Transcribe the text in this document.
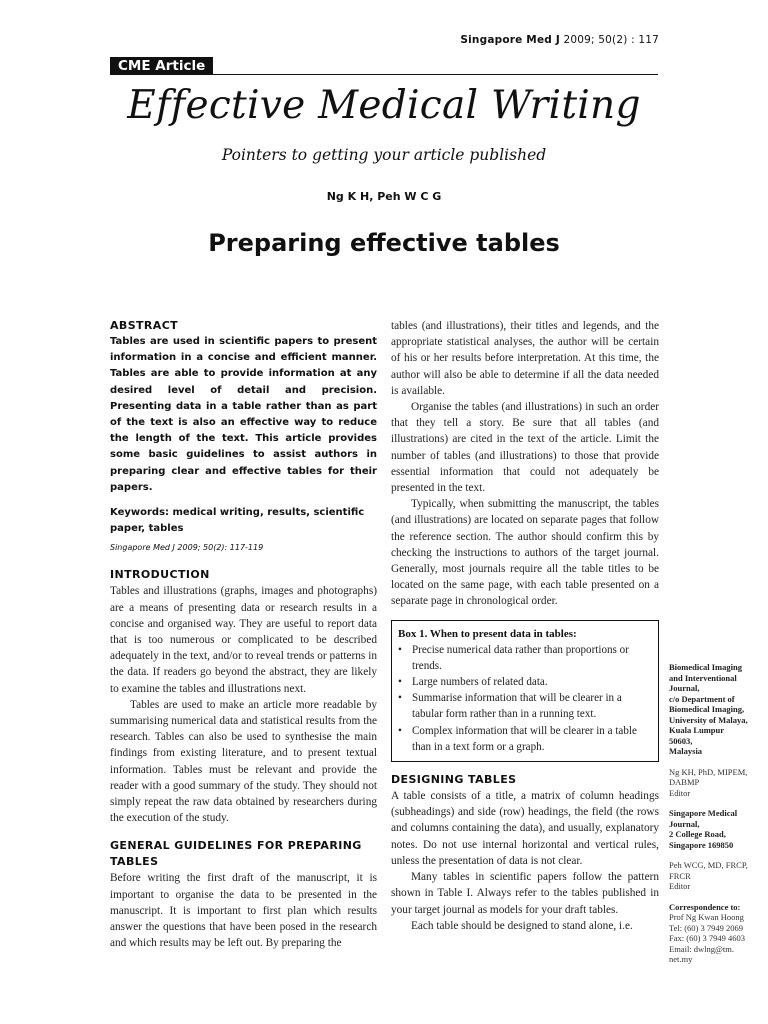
Singapore Med J 2009; 50(2) : 117
CME Article
Effective Medical Writing
Pointers to getting your article published
Ng K H, Peh W C G
Preparing effective tables
ABSTRACT

Tables are used in scientific papers to present information in a concise and efficient manner. Tables are able to provide information at any desired level of detail and precision. Presenting data in a table rather than as part of the text is also an effective way to reduce the length of the text. This article provides some basic guidelines to assist authors in preparing clear and effective tables for their papers.

Keywords: medical writing, results, scientific paper, tables

Singapore Med J 2009; 50(2): 117-119

INTRODUCTION

Tables and illustrations (graphs, images and photographs) are a means of presenting data or research results in a concise and organised way. They are useful to report data that is too numerous or complicated to be described adequately in the text, and/or to reveal trends or patterns in the data. If readers go beyond the abstract, they are likely to examine the tables and illustrations next.

Tables are used to make an article more readable by summarising numerical data and statistical results from the research. Tables can also be used to synthesise the main findings from existing literature, and to present textual information. Tables must be relevant and provide the reader with a good summary of the study. They should not simply repeat the raw data obtained by researchers during the execution of the study.

GENERAL GUIDELINES FOR PREPARING TABLES

Before writing the first draft of the manuscript, it is important to organise the data to be presented in the manuscript. It is important to first plan which results answer the questions that have been posed in the research and which results may be left out. By preparing the

tables (and illustrations), their titles and legends, and the appropriate statistical analyses, the author will be certain of his or her results before interpretation. At this time, the author will also be able to determine if all the data needed is available.

Organise the tables (and illustrations) in such an order that they tell a story. Be sure that all tables (and illustrations) are cited in the text of the article. Limit the number of tables (and illustrations) to those that provide essential information that could not adequately be presented in the text.

Typically, when submitting the manuscript, the tables (and illustrations) are located on separate pages that follow the reference section. The author should confirm this by checking the instructions to authors of the target journal. Generally, most journals require all the table titles to be located on the same page, with each table presented on a separate page in chronological order.

Box 1. When to present data in tables:

• Precise numerical data rather than proportions or trends.
• Large numbers of related data.
• Summarise information that will be clearer in a tabular form rather than in a running text.
• Complex information that will be clearer in a table than in a text form or a graph.
DESIGNING TABLES

A table consists of a title, a matrix of column headings (subheadings) and side (row) headings, the field (the rows and columns containing the data), and usually, explanatory notes. Do not use internal horizontal and vertical rules, unless the presentation of data is not clear.

Many tables in scientific papers follow the pattern shown in Table I. Always refer to the tables published in your target journal as models for your draft tables.

Each table should be designed to stand alone, i.e.

Biomedical Imaging
and Interventional
Journal,
c/o Department of
Biomedical Imaging,
University of Malaya,
Kuala Lumpur
50603,
Malaysia
Ng KH, PhD, MIPEM,
DABMP
Editor
Singapore Medical
Journal,
2 College Road,
Singapore 169850
Peh WCG, MD, FRCP,
FRCR
Editor
Correspondence to:
Prof Ng Kwan Hoong
Tel: (60) 3 7949 2069
Fax: (60) 3 7949 4603
Email: dwlng@tm.
net.my
